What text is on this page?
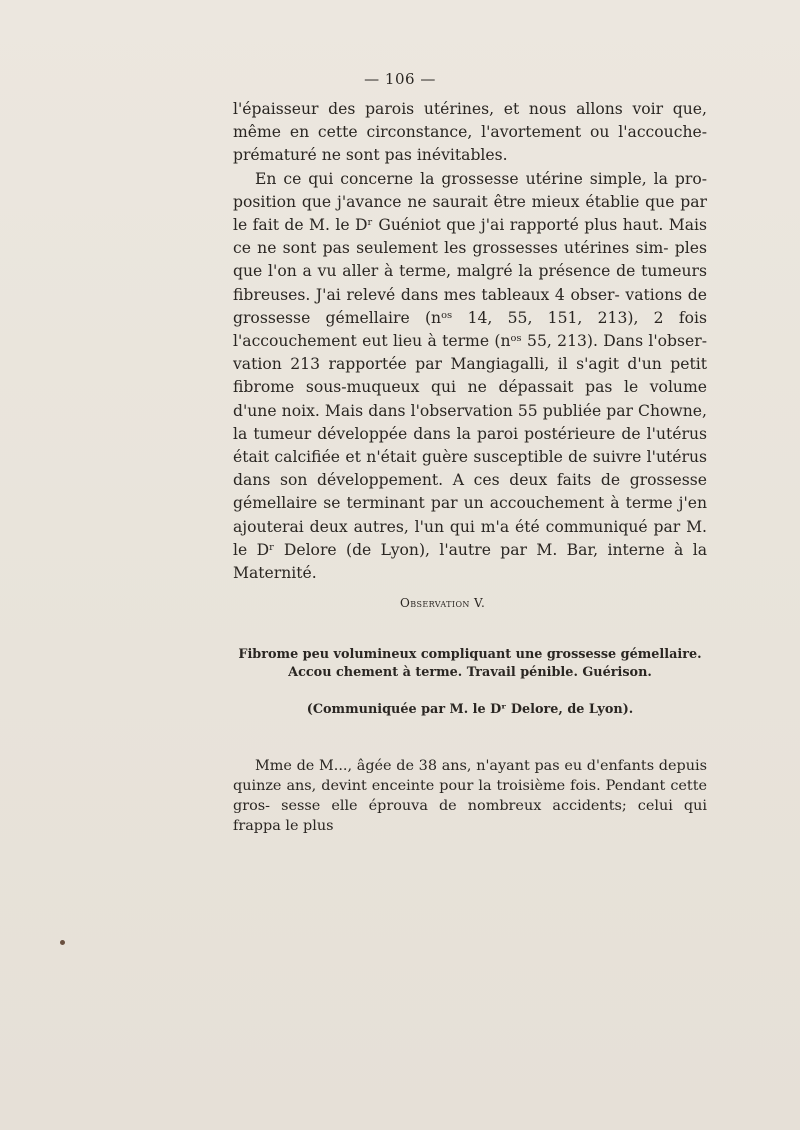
— 106 —

l'épaisseur des parois utérines, et nous allons voir que, même en cette circonstance, l'avortement ou l'accouche- prématuré ne sont pas inévitables.

En ce qui concerne la grossesse utérine simple, la pro- position que j'avance ne saurait être mieux établie que par le fait de M. le Dʳ Guéniot que j'ai rapporté plus haut. Mais ce ne sont pas seulement les grossesses utérines sim- ples que l'on a vu aller à terme, malgré la présence de tumeurs fibreuses. J'ai relevé dans mes tableaux 4 obser- vations de grossesse gémellaire (nᵒˢ 14, 55, 151, 213), 2 fois l'accouchement eut lieu à terme (nᵒˢ 55, 213). Dans l'obser- vation 213 rapportée par Mangiagalli, il s'agit d'un petit fibrome sous-muqueux qui ne dépassait pas le volume d'une noix. Mais dans l'observation 55 publiée par Chowne, la tumeur développée dans la paroi postérieure de l'utérus était calcifiée et n'était guère susceptible de suivre l'utérus dans son développement. A ces deux faits de grossesse gémellaire se terminant par un accouchement à terme j'en ajouterai deux autres, l'un qui m'a été communiqué par M. le Dʳ Delore (de Lyon), l'autre par M. Bar, interne à la Maternité.

Observation V.
Fibrome peu volumineux compliquant une grossesse gémellaire. Accou chement à terme. Travail pénible. Guérison.
(Communiquée par M. le Dʳ Delore, de Lyon).

Mme de M..., âgée de 38 ans, n'ayant pas eu d'enfants depuis quinze ans, devint enceinte pour la troisième fois. Pendant cette gros- sesse elle éprouva de nombreux accidents; celui qui frappa le plus
